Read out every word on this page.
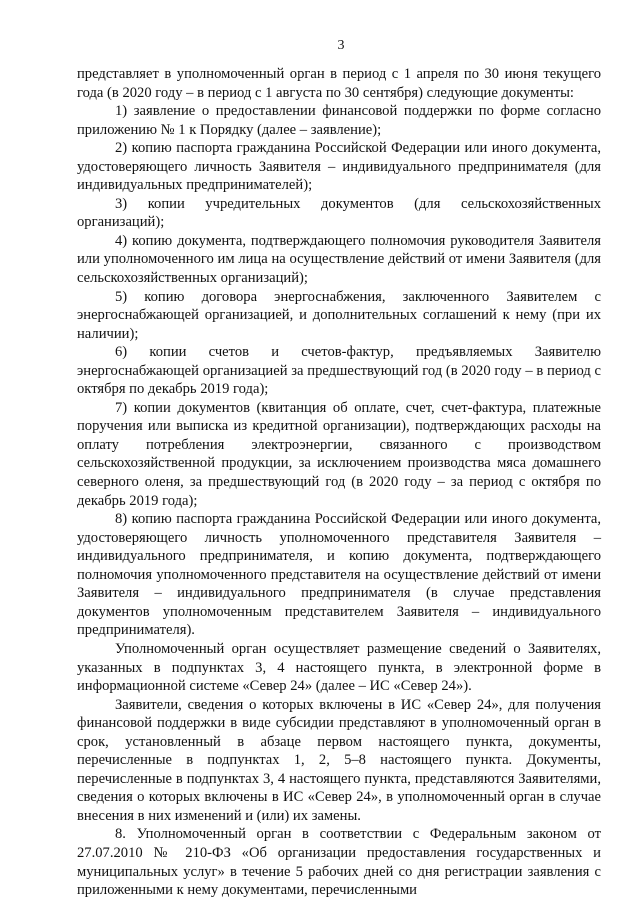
3

представляет в уполномоченный орган в период с 1 апреля по 30 июня текущего года (в 2020 году – в период с 1 августа по 30 сентября) следующие документы:

1) заявление о предоставлении финансовой поддержки по форме согласно приложению № 1 к Порядку (далее – заявление);

2) копию паспорта гражданина Российской Федерации или иного документа, удостоверяющего личность Заявителя – индивидуального предпринимателя (для индивидуальных предпринимателей);

3) копии учредительных документов (для сельскохозяйственных организаций);

4) копию документа, подтверждающего полномочия руководителя Заявителя или уполномоченного им лица на осуществление действий от имени Заявителя (для сельскохозяйственных организаций);

5) копию договора энергоснабжения, заключенного Заявителем с энергоснабжающей организацией, и дополнительных соглашений к нему (при их наличии);

6) копии счетов и счетов-фактур, предъявляемых Заявителю энергоснабжающей организацией за предшествующий год (в 2020 году – в период с октября по декабрь 2019 года);

7) копии документов (квитанция об оплате, счет, счет-фактура, платежные поручения или выписка из кредитной организации), подтверждающих расходы на оплату потребления электроэнергии, связанного с производством сельскохозяйственной продукции, за исключением производства мяса домашнего северного оленя, за предшествующий год (в 2020 году – за период с октября по декабрь 2019 года);

8) копию паспорта гражданина Российской Федерации или иного документа, удостоверяющего личность уполномоченного представителя Заявителя – индивидуального предпринимателя, и копию документа, подтверждающего полномочия уполномоченного представителя на осуществление действий от имени Заявителя – индивидуального предпринимателя (в случае представления документов уполномоченным представителем Заявителя – индивидуального предпринимателя).

Уполномоченный орган осуществляет размещение сведений о Заявителях, указанных в подпунктах 3, 4 настоящего пункта, в электронной форме в информационной системе «Север 24» (далее – ИС «Север 24»).

Заявители, сведения о которых включены в ИС «Север 24», для получения финансовой поддержки в виде субсидии представляют в уполномоченный орган в срок, установленный в абзаце первом настоящего пункта, документы, перечисленные в подпунктах 1, 2, 5–8 настоящего пункта. Документы, перечисленные в подпунктах 3, 4 настоящего пункта, представляются Заявителями, сведения о которых включены в ИС «Север 24», в уполномоченный орган в случае внесения в них изменений и (или) их замены.

8. Уполномоченный орган в соответствии с Федеральным законом от 27.07.2010 № 210-ФЗ «Об организации предоставления государственных и муниципальных услуг» в течение 5 рабочих дней со дня регистрации заявления с приложенными к нему документами, перечисленными
